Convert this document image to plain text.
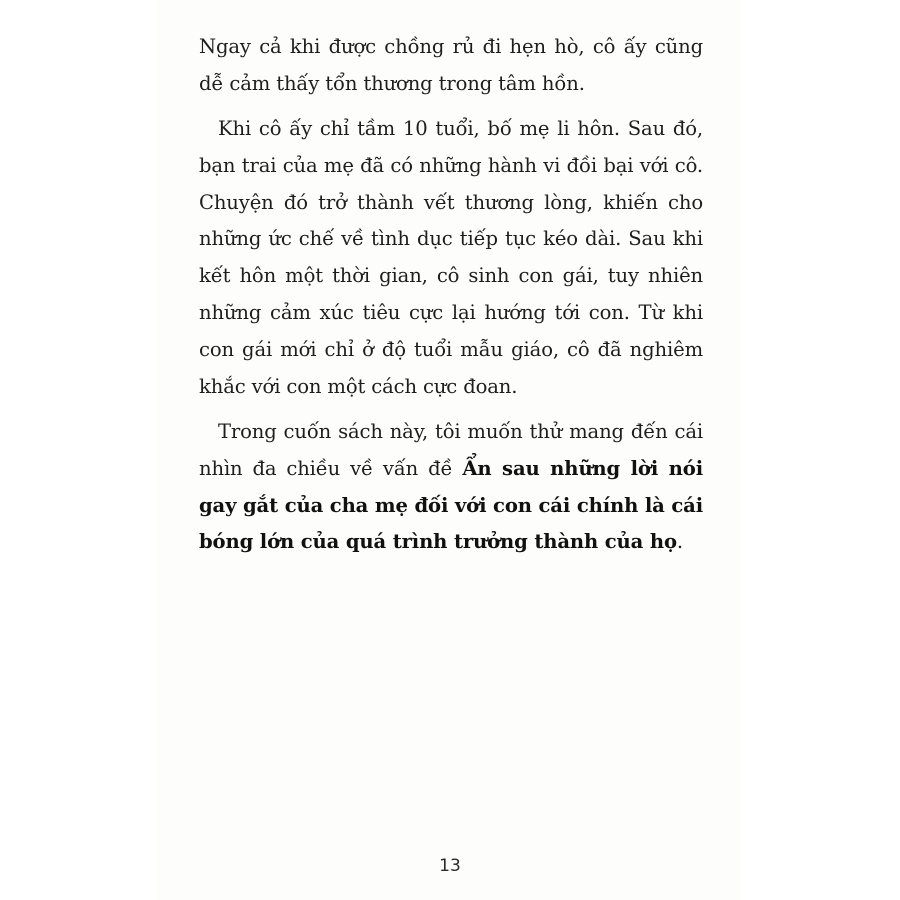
Ngay cả khi được chồng rủ đi hẹn hò, cô ấy cũng dễ cảm thấy tổn thương trong tâm hồn.

Khi cô ấy chỉ tầm 10 tuổi, bố mẹ li hôn. Sau đó, bạn trai của mẹ đã có những hành vi đồi bại với cô. Chuyện đó trở thành vết thương lòng, khiến cho những ức chế về tình dục tiếp tục kéo dài. Sau khi kết hôn một thời gian, cô sinh con gái, tuy nhiên những cảm xúc tiêu cực lại hướng tới con. Từ khi con gái mới chỉ ở độ tuổi mẫu giáo, cô đã nghiêm khắc với con một cách cực đoan.

Trong cuốn sách này, tôi muốn thử mang đến cái nhìn đa chiều về vấn đề Ẩn sau những lời nói gay gắt của cha mẹ đối với con cái chính là cái bóng lớn của quá trình trưởng thành của họ.

13
